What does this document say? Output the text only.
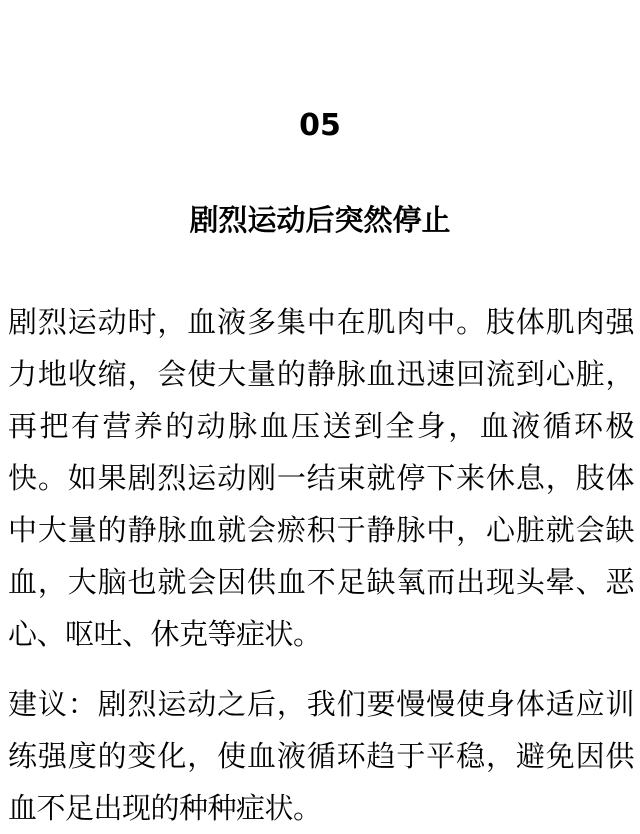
05
剧烈运动后突然停止

剧烈运动时，血液多集中在肌肉中。肢体肌肉强力地收缩，会使大量的静脉血迅速回流到心脏，再把有营养的动脉血压送到全身，血液循环极快。如果剧烈运动刚一结束就停下来休息，肢体中大量的静脉血就会瘀积于静脉中，心脏就会缺血，大脑也就会因供血不足缺氧而出现头晕、恶心、呕吐、休克等症状。

建议：剧烈运动之后，我们要慢慢使身体适应训练强度的变化，使血液循环趋于平稳，避免因供血不足出现的种种症状。
